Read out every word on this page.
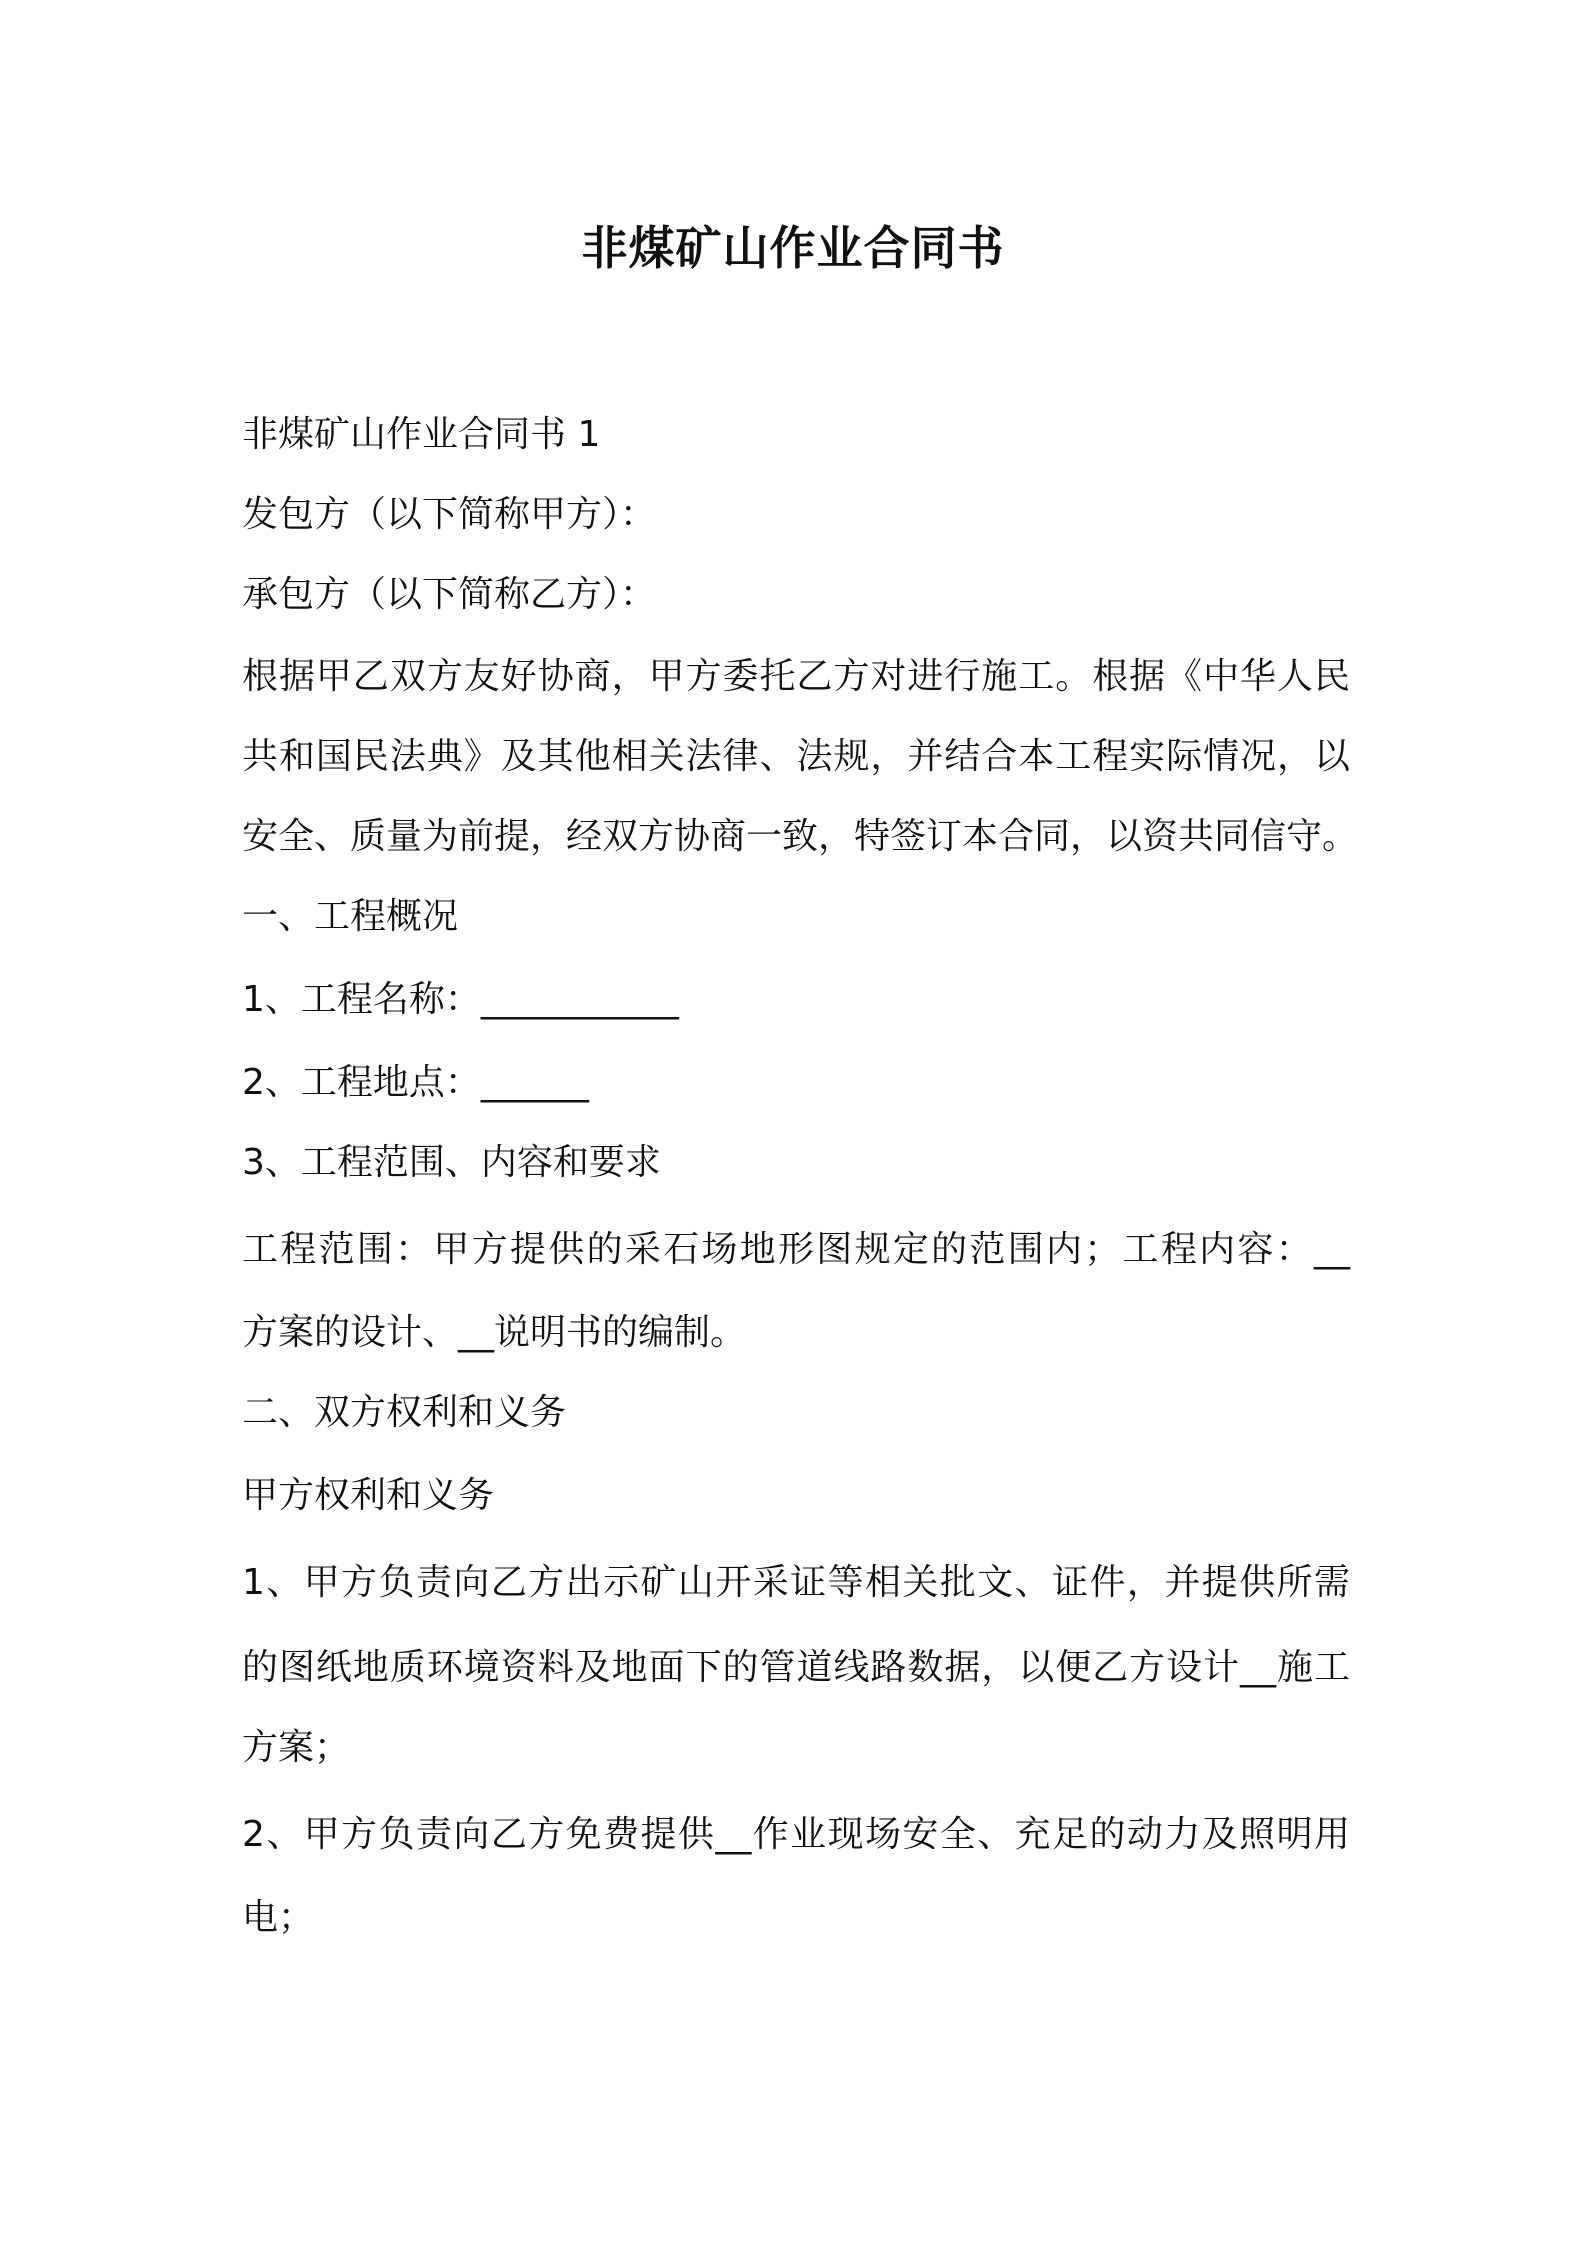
非煤矿山作业合同书
非煤矿山作业合同书 1
发包方（以下简称甲方）：
承包方（以下简称乙方）：
根据甲乙双方友好协商，甲方委托乙方对进行施工。根据《中华人民
共和国民法典》及其他相关法律、法规，并结合本工程实际情况，以
安全、质量为前提，经双方协商一致，特签订本合同，以资共同信守。
一、工程概况
1、工程名称：___________
2、工程地点：______
3、工程范围、内容和要求
工程范围：甲方提供的采石场地形图规定的范围内；工程内容：__
方案的设计、__说明书的编制。
二、双方权利和义务
甲方权利和义务
1、甲方负责向乙方出示矿山开采证等相关批文、证件，并提供所需
的图纸地质环境资料及地面下的管道线路数据，以便乙方设计__施工
方案；
2、甲方负责向乙方免费提供__作业现场安全、充足的动力及照明用
电；
